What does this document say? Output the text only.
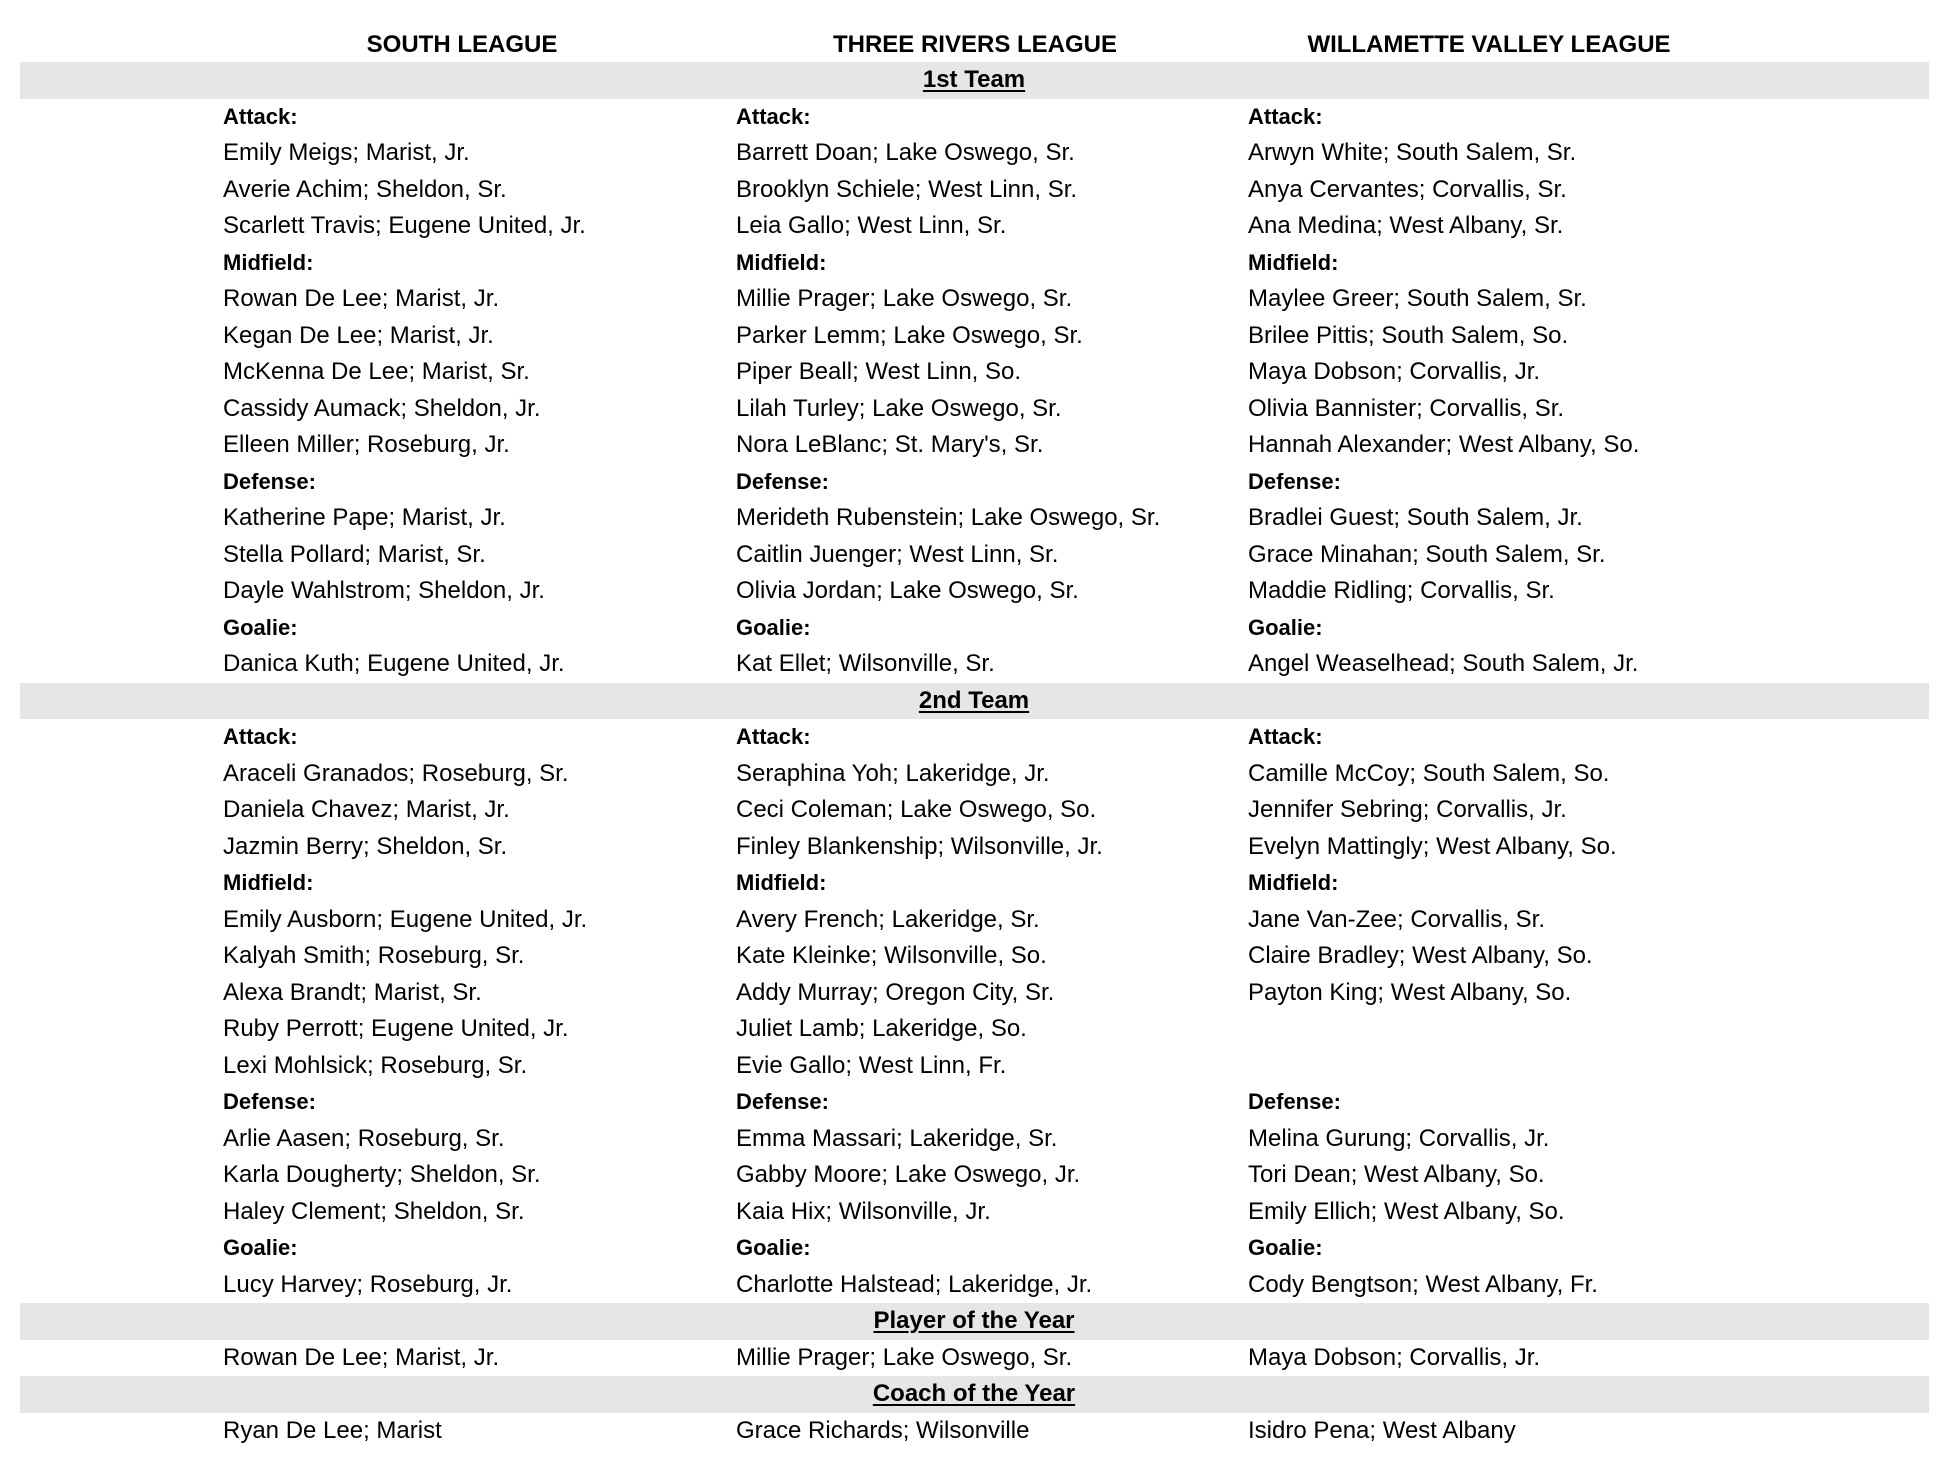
SOUTH LEAGUE	THREE RIVERS LEAGUE	WILLAMETTE VALLEY LEAGUE
1st Team
Attack:	Attack:	Attack:
Emily Meigs; Marist, Jr.	Barrett Doan; Lake Oswego, Sr.	Arwyn White; South Salem, Sr.
Averie Achim; Sheldon, Sr.	Brooklyn Schiele; West Linn, Sr.	Anya Cervantes; Corvallis, Sr.
Scarlett Travis; Eugene United, Jr.	Leia Gallo; West Linn, Sr.	Ana Medina; West Albany, Sr.
Midfield:	Midfield:	Midfield:
Rowan De Lee; Marist, Jr.	Millie Prager; Lake Oswego, Sr.	Maylee Greer; South Salem, Sr.
Kegan De Lee; Marist, Jr.	Parker Lemm; Lake Oswego, Sr.	Brilee Pittis; South Salem, So.
McKenna De Lee; Marist, Sr.	Piper Beall; West Linn, So.	Maya Dobson; Corvallis, Jr.
Cassidy Aumack; Sheldon, Jr.	Lilah Turley; Lake Oswego, Sr.	Olivia Bannister; Corvallis, Sr.
Elleen Miller; Roseburg, Jr.	Nora LeBlanc; St. Mary's, Sr.	Hannah Alexander; West Albany, So.
Defense:	Defense:	Defense:
Katherine Pape; Marist, Jr.	Merideth Rubenstein; Lake Oswego, Sr.	Bradlei Guest; South Salem, Jr.
Stella Pollard; Marist, Sr.	Caitlin Juenger; West Linn, Sr.	Grace Minahan; South Salem, Sr.
Dayle Wahlstrom; Sheldon, Jr.	Olivia Jordan; Lake Oswego, Sr.	Maddie Ridling; Corvallis, Sr.
Goalie:	Goalie:	Goalie:
Danica Kuth; Eugene United, Jr.	Kat Ellet; Wilsonville, Sr.	Angel Weaselhead; South Salem, Jr.
2nd Team
Attack:	Attack:	Attack:
Araceli Granados; Roseburg, Sr.	Seraphina Yoh; Lakeridge, Jr.	Camille McCoy; South Salem, So.
Daniela Chavez; Marist, Jr.	Ceci Coleman; Lake Oswego, So.	Jennifer Sebring; Corvallis, Jr.
Jazmin Berry; Sheldon, Sr.	Finley Blankenship; Wilsonville, Jr.	Evelyn Mattingly; West Albany, So.
Midfield:	Midfield:	Midfield:
Emily Ausborn; Eugene United, Jr.	Avery French; Lakeridge, Sr.	Jane Van-Zee; Corvallis, Sr.
Kalyah Smith; Roseburg, Sr.	Kate Kleinke; Wilsonville, So.	Claire Bradley; West Albany, So.
Alexa Brandt; Marist, Sr.	Addy Murray; Oregon City, Sr.	Payton King; West Albany, So.
Ruby Perrott; Eugene United, Jr.	Juliet Lamb; Lakeridge, So.
Lexi Mohlsick; Roseburg, Sr.	Evie Gallo; West Linn, Fr.
Defense:	Defense:	Defense:
Arlie Aasen; Roseburg, Sr.	Emma Massari; Lakeridge, Sr.	Melina Gurung; Corvallis, Jr.
Karla Dougherty; Sheldon, Sr.	Gabby Moore; Lake Oswego, Jr.	Tori Dean; West Albany, So.
Haley Clement; Sheldon, Sr.	Kaia Hix; Wilsonville, Jr.	Emily Ellich; West Albany, So.
Goalie:	Goalie:	Goalie:
Lucy Harvey; Roseburg, Jr.	Charlotte Halstead; Lakeridge, Jr.	Cody Bengtson; West Albany, Fr.
Player of the Year
Rowan De Lee; Marist, Jr.	Millie Prager; Lake Oswego, Sr.	Maya Dobson; Corvallis, Jr.
Coach of the Year
Ryan De Lee; Marist	Grace Richards; Wilsonville	Isidro Pena; West Albany
